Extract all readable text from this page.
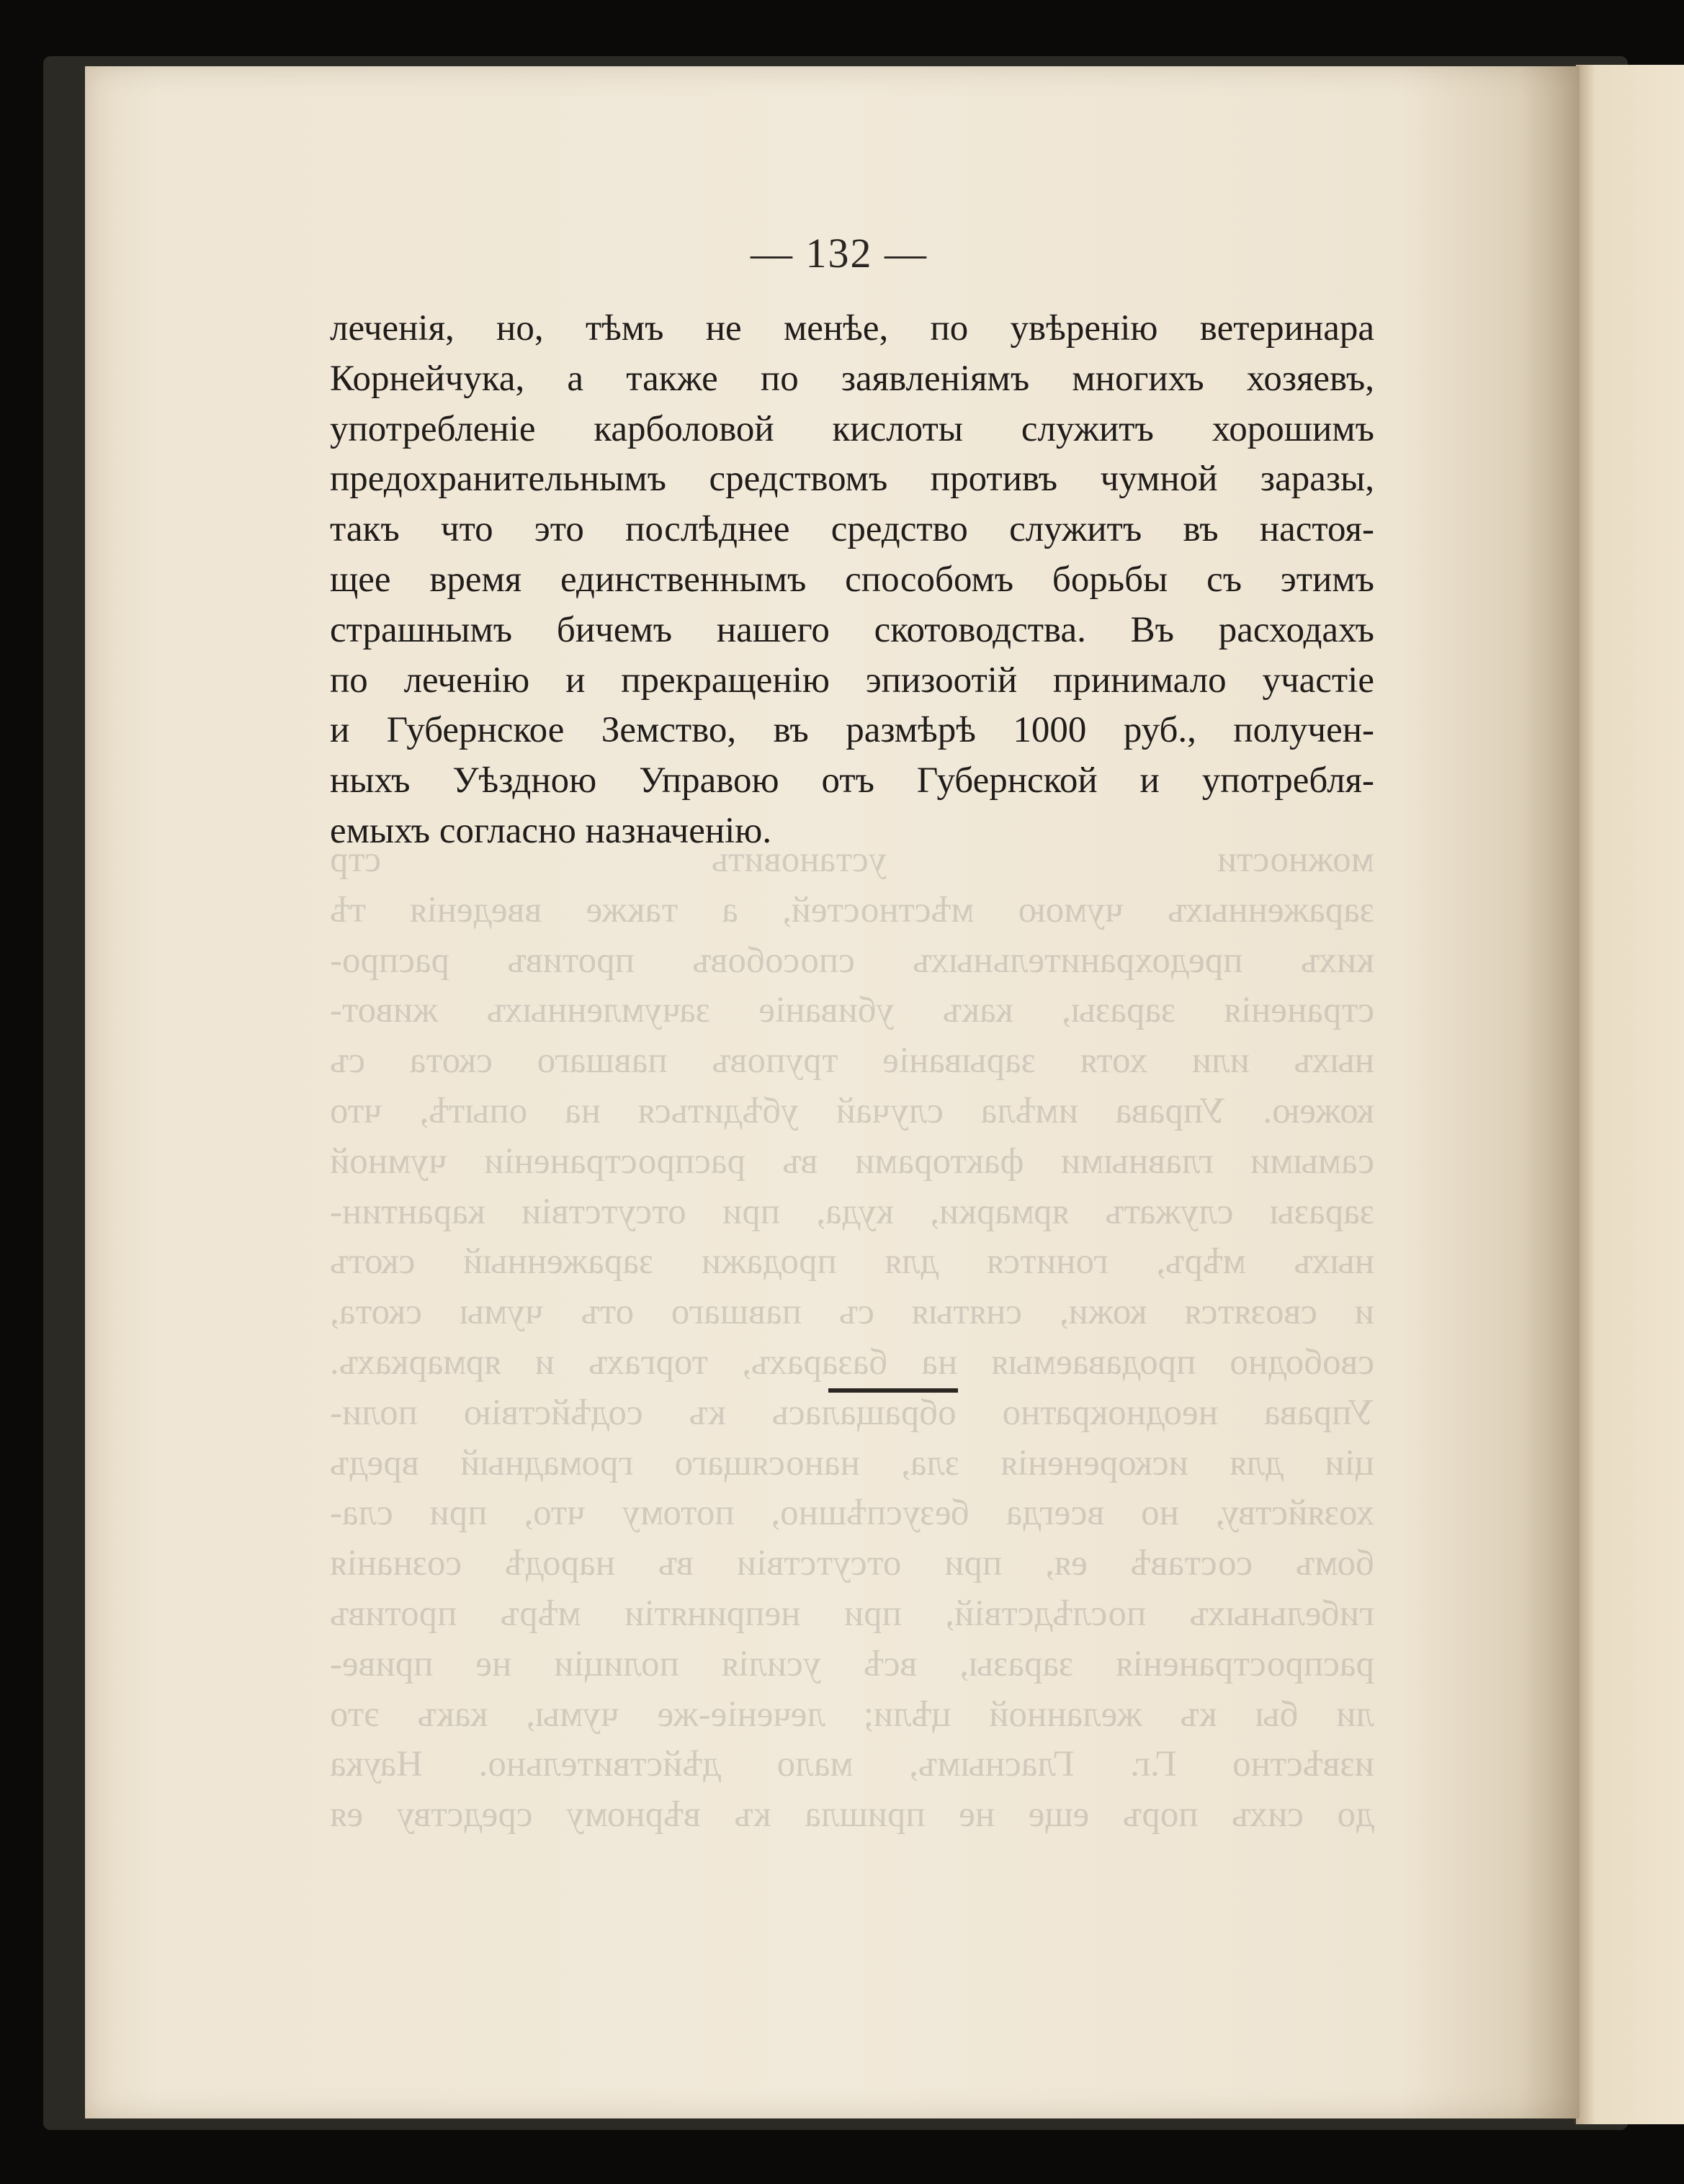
— 132 —
можности установить стр
зараженныхъ чумою мѣстностей, а также введенія тѣ
кихъ предохранительныхъ способовъ противъ распро-
страненія заразы, какъ убиваніе зачумленныхъ живот-
ныхъ или хотя зарываніе труповъ павшаго скота съ
кожею. Управа имѣла случай убѣдиться на опытѣ, что
самыми главными факторами въ распространеніи чумной
заразы служатъ ярмарки, куда, при отсутствіи карантин-
ныхъ мѣръ, гонится для продажи зараженный скотъ
и свозятся кожи, снятыя съ павшаго отъ чумы скота,
свободно продаваемыя на базарахъ, торгахъ и ярмаркахъ.
Управа неоднократно обращалась къ содѣйствію поли-
ціи для искорененія зла, наносящаго громадный вредъ
хозяйству, но всегда безуспѣшно, потому что, при сла-
бомъ составѣ ея, при отсутствіи въ народѣ сознанія
гибельныхъ послѣдствій, при непринятіи мѣръ противъ
распространенія заразы, всѣ усилія полиціи не приве-
ли бы къ желанной цѣли; леченіе-же чумы, какъ это
извѣстно Г.г. Гласнымъ, мало дѣйствительно. Наука
до сихъ поръ еще не пришла къ вѣрному средству ея
леченія, но, тѣмъ не менѣе, по увѣренію ветеринара
Корнейчука, а также по заявленіямъ многихъ хозяевъ,
употребленіе карболовой кислоты служитъ хорошимъ
предохранительнымъ средствомъ противъ чумной заразы,
такъ что это послѣднее средство служитъ въ настоя-
щее время единственнымъ способомъ борьбы съ этимъ
страшнымъ бичемъ нашего скотоводства. Въ расходахъ
по леченію и прекращенію эпизоотій принимало участіе
и Губернское Земство, въ размѣрѣ 1000 руб., получен-
ныхъ Уѣздною Управою отъ Губернской и употребля-
емыхъ согласно назначенію.
